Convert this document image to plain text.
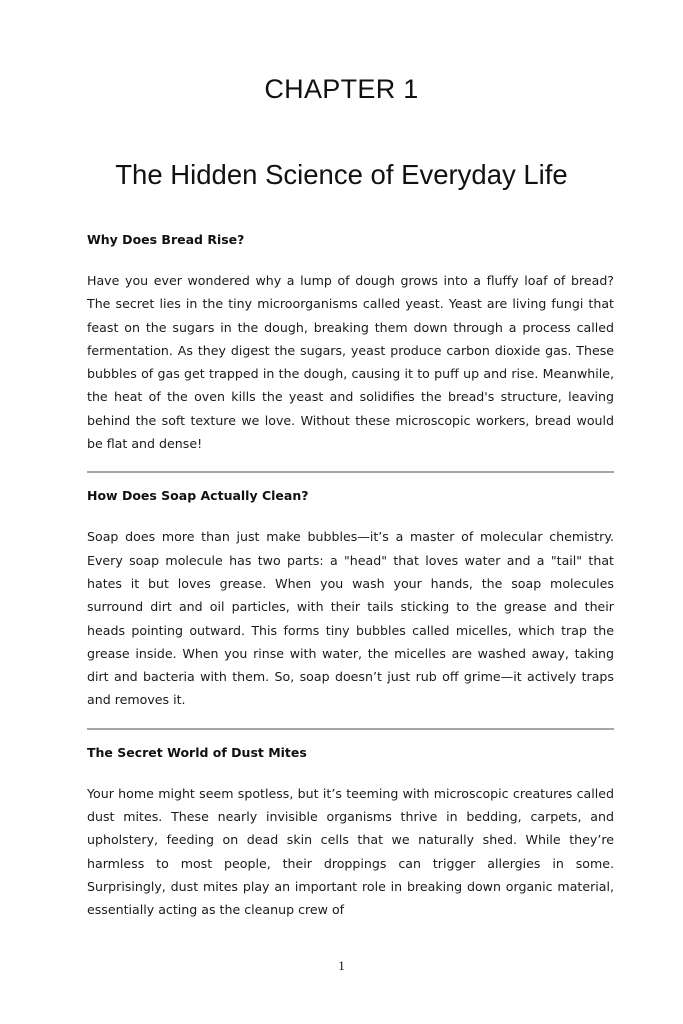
CHAPTER 1
The Hidden Science of Everyday Life

Why Does Bread Rise?

Have you ever wondered why a lump of dough grows into a fluffy loaf of bread? The secret lies in the tiny microorganisms called yeast. Yeast are living fungi that feast on the sugars in the dough, breaking them down through a process called fermentation. As they digest the sugars, yeast produce carbon dioxide gas. These bubbles of gas get trapped in the dough, causing it to puff up and rise. Meanwhile, the heat of the oven kills the yeast and solidifies the bread's structure, leaving behind the soft texture we love. Without these microscopic workers, bread would be flat and dense!

How Does Soap Actually Clean?

Soap does more than just make bubbles—it’s a master of molecular chemistry. Every soap molecule has two parts: a "head" that loves water and a "tail" that hates it but loves grease. When you wash your hands, the soap molecules surround dirt and oil particles, with their tails sticking to the grease and their heads pointing outward. This forms tiny bubbles called micelles, which trap the grease inside. When you rinse with water, the micelles are washed away, taking dirt and bacteria with them. So, soap doesn’t just rub off grime—it actively traps and removes it.

The Secret World of Dust Mites

Your home might seem spotless, but it’s teeming with microscopic creatures called dust mites. These nearly invisible organisms thrive in bedding, carpets, and upholstery, feeding on dead skin cells that we naturally shed. While they’re harmless to most people, their droppings can trigger allergies in some. Surprisingly, dust mites play an important role in breaking down organic material, essentially acting as the cleanup crew of

1
